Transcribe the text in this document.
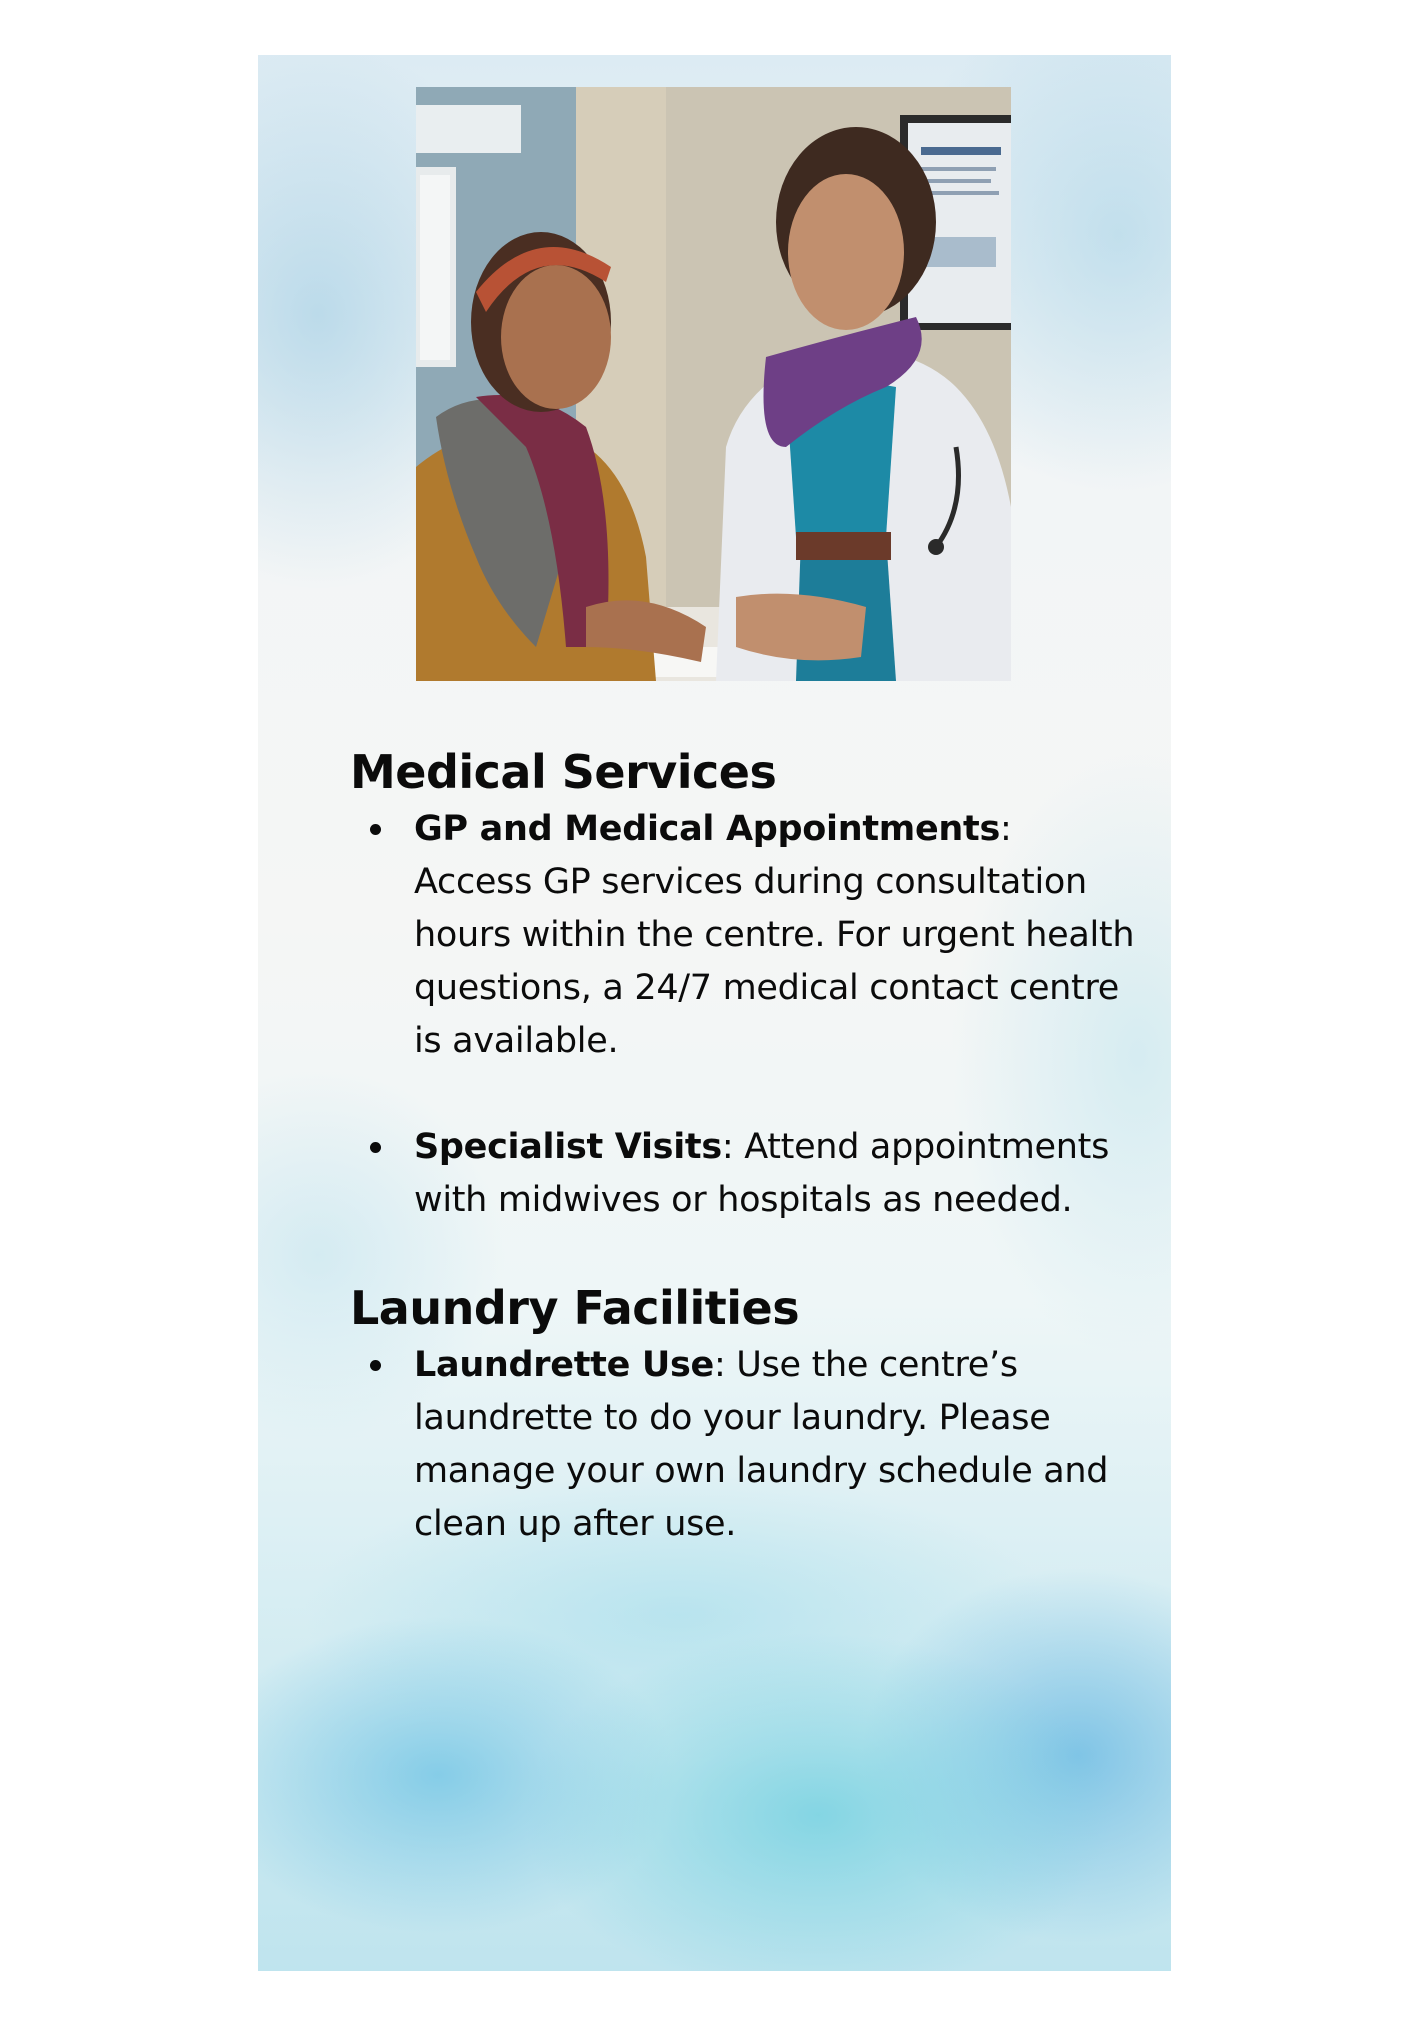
Medical Services
GP and Medical Appointments: Access GP services during consultation hours within the centre. For urgent health questions, a 24/7 medical contact centre is available.
Specialist Visits: Attend appointments with midwives or hospitals as needed.
Laundry Facilities
Laundrette Use: Use the centre’s laundrette to do your laundry. Please manage your own laundry schedule and clean up after use.
